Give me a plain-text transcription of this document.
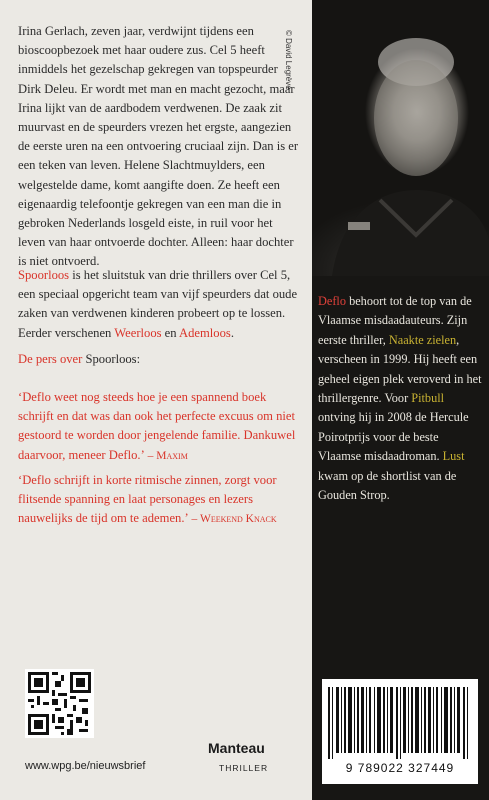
Irina Gerlach, zeven jaar, verdwijnt tijdens een bioscoopbezoek met haar oudere zus. Cel 5 heeft inmiddels het gezelschap gekregen van topspeurder Dirk Deleu. Er wordt met man en macht gezocht, maar Irina lijkt van de aardbodem verdwenen. De zaak zit muurvast en de speurders vrezen het ergste, aangezien de eerste uren na een ontvoering cruciaal zijn. Dan is er een teken van leven. Helene Slachtmuylders, een welgestelde dame, komt aangifte doen. Ze heeft een eigenaardig telefoontje gekregen van een man die in gebroken Nederlands losgeld eiste, in ruil voor het leven van haar ontvoerde dochter. Alleen: haar dochter is niet ontvoerd.

Spoorloos is het sluitstuk van drie thrillers over Cel 5, een speciaal opgericht team van vijf speurders dat oude zaken van verdwenen kinderen probeert op te lossen. Eerder verschenen Weerloos en Ademloos.

De pers over Spoorloos:

‘Deflo weet nog steeds hoe je een spannend boek schrijft en dat was dan ook het perfecte excuus om niet gestoord te worden door jengelende familie. Dankuwel daarvoor, meneer Deflo.’ – Maxim

‘Deflo schrijft in korte ritmische zinnen, zorgt voor flitsende spanning en laat personages en lezers nauwelijks de tijd om te ademen.’ – Weekend Knack

© David Legrève

Deflo behoort tot de top van de Vlaamse misdaadauteurs. Zijn eerste thriller, Naakte zielen, verscheen in 1999. Hij heeft een geheel eigen plek veroverd in het thrillergenre. Voor Pitbull ontving hij in 2008 de Hercule Poirotprijs voor de beste Vlaamse misdaadroman. Lust kwam op de shortlist van de Gouden Strop.

9 789022 327449
www.wpg.be/nieuwsbrief
Manteau
THRILLER
